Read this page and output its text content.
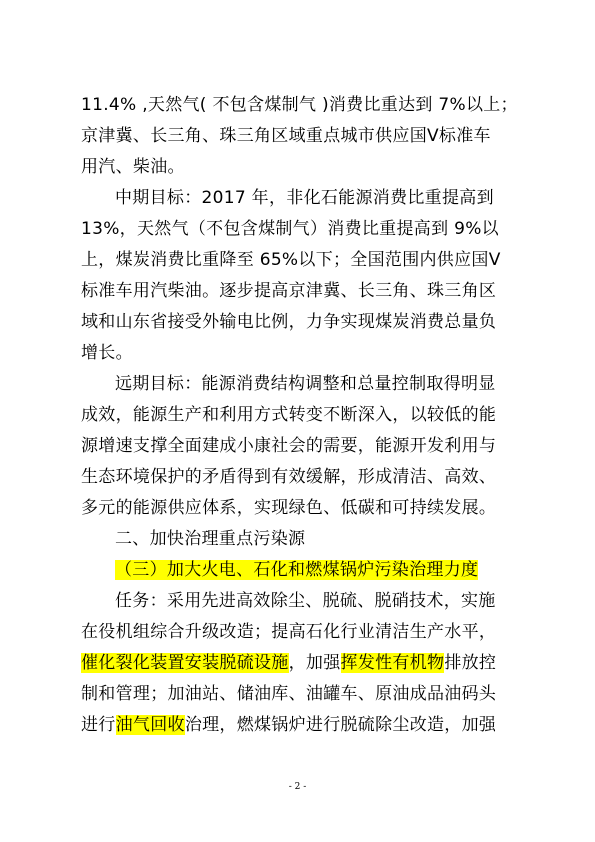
11.4% ,天然气( 不包含煤制气 )消费比重达到 7%以上；
京津冀、长三角、珠三角区域重点城市供应国Ⅴ标准车
用汽、柴油。
中期目标：2017 年，非化石能源消费比重提高到
13%，天然气（不包含煤制气）消费比重提高到 9%以
上，煤炭消费比重降至 65%以下；全国范围内供应国Ⅴ
标准车用汽柴油。逐步提高京津冀、长三角、珠三角区
域和山东省接受外输电比例，力争实现煤炭消费总量负
增长。
远期目标：能源消费结构调整和总量控制取得明显
成效，能源生产和利用方式转变不断深入，以较低的能
源增速支撑全面建成小康社会的需要，能源开发利用与
生态环境保护的矛盾得到有效缓解，形成清洁、高效、
多元的能源供应体系，实现绿色、低碳和可持续发展。
二、加快治理重点污染源
（三）加大火电、石化和燃煤锅炉污染治理力度
任务：采用先进高效除尘、脱硫、脱硝技术，实施
在役机组综合升级改造；提高石化行业清洁生产水平，
催化裂化装置安装脱硫设施，加强挥发性有机物排放控
制和管理；加油站、储油库、油罐车、原油成品油码头
进行油气回收治理，燃煤锅炉进行脱硫除尘改造，加强
- 2 -
